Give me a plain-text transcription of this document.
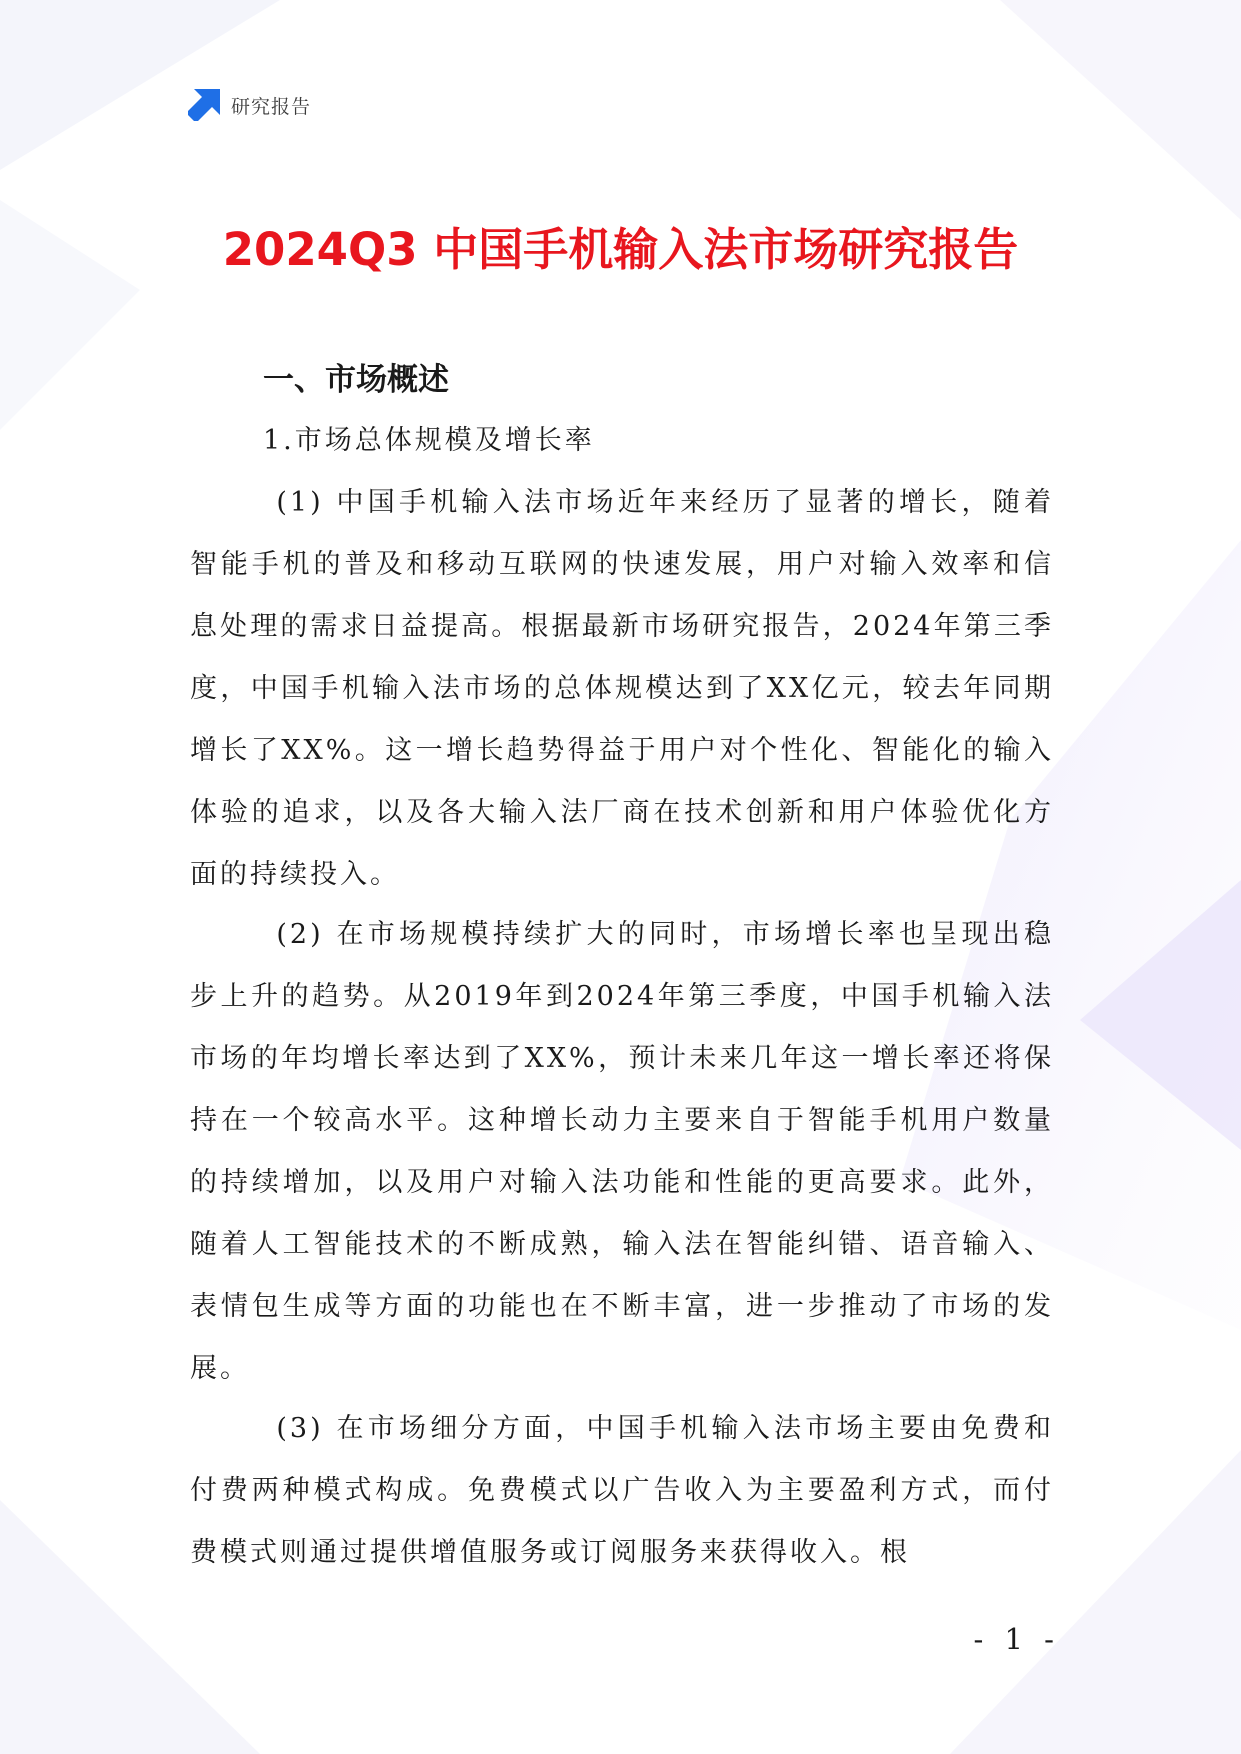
研究报告
2024Q3 中国手机输入法市场研究报告
一、市场概述
1.市场总体规模及增长率

(1) 中国手机输入法市场近年来经历了显著的增长，随着智能手机的普及和移动互联网的快速发展，用户对输入效率和信息处理的需求日益提高。根据最新市场研究报告，2024年第三季度，中国手机输入法市场的总体规模达到了XX亿元，较去年同期增长了XX%。这一增长趋势得益于用户对个性化、智能化的输入体验的追求，以及各大输入法厂商在技术创新和用户体验优化方面的持续投入。

(2) 在市场规模持续扩大的同时，市场增长率也呈现出稳步上升的趋势。从2019年到2024年第三季度，中国手机输入法市场的年均增长率达到了XX%，预计未来几年这一增长率还将保持在一个较高水平。这种增长动力主要来自于智能手机用户数量的持续增加，以及用户对输入法功能和性能的更高要求。此外，随着人工智能技术的不断成熟，输入法在智能纠错、语音输入、表情包生成等方面的功能也在不断丰富，进一步推动了市场的发展。

(3) 在市场细分方面，中国手机输入法市场主要由免费和付费两种模式构成。免费模式以广告收入为主要盈利方式，而付费模式则通过提供增值服务或订阅服务来获得收入。根

- 1 -
